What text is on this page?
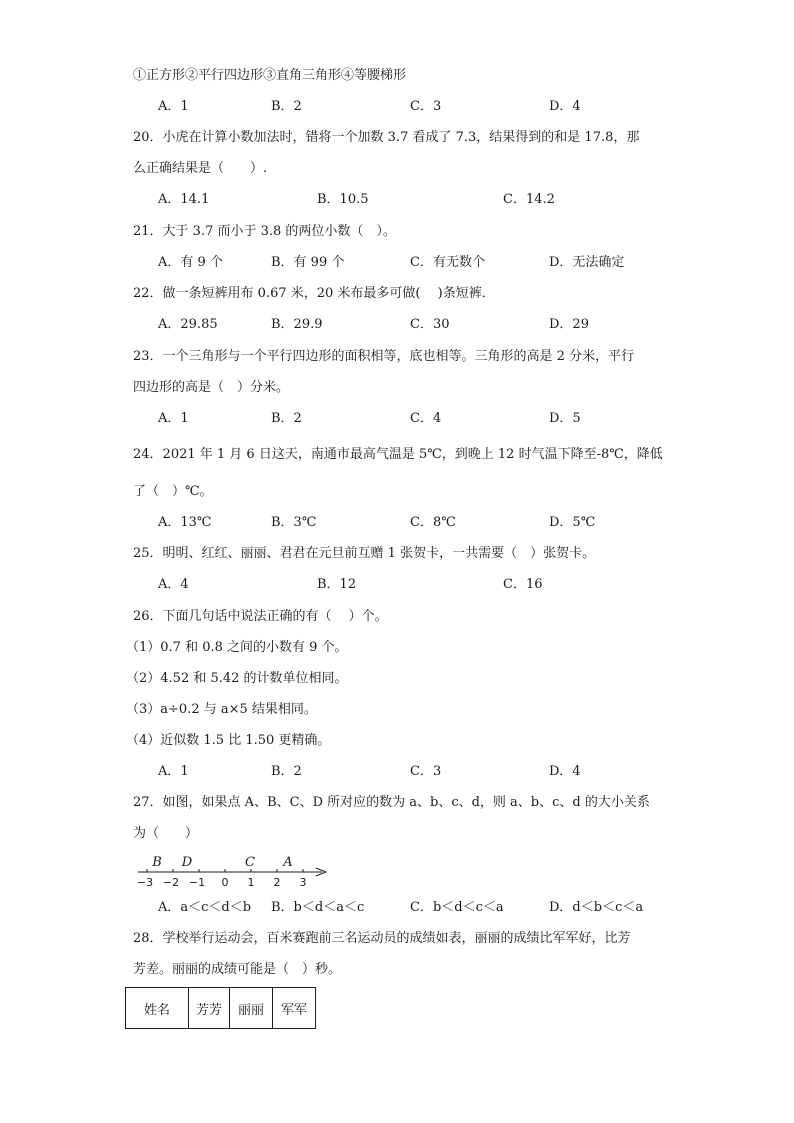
①正方形②平行四边形③直角三角形④等腰梯形
A．1	B．2	C．3	D．4
20．小虎在计算小数加法时，错将一个加数 3.7 看成了 7.3，结果得到的和是 17.8，那
么正确结果是（　　）.
A．14.1	B．10.5	C．14.2
21．大于 3.7 而小于 3.8 的两位小数（　）。
A．有 9 个	B．有 99 个	C．有无数个	D．无法确定
22．做一条短裤用布 0.67 米，20 米布最多可做(　 )条短裤．
A．29.85	B．29.9	C．30	D．29
23．一个三角形与一个平行四边形的面积相等，底也相等。三角形的高是 2 分米，平行
四边形的高是（　）分米。
A．1	B．2	C．4	D．5
24．2021 年 1 月 6 日这天，南通市最高气温是 5℃，到晚上 12 时气温下降至-8℃，降低
了（　）℃。
A．13℃	B．3℃	C．8℃	D．5℃
25．明明、红红、丽丽、君君在元旦前互赠 1 张贺卡，一共需要（　）张贺卡。
A．4	B．12	C．16
26．下面几句话中说法正确的有（　 ）个。
（1）0.7 和 0.8 之间的小数有 9 个。
（2）4.52 和 5.42 的计数单位相同。
（3）a÷0.2 与 a×5 结果相同。
（4）近似数 1.5 比 1.50 更精确。
A．1	B．2	C．3	D．4
27．如图，如果点 A、B、C、D 所对应的数为 a、b、c、d，则 a、b、c、d 的大小关系
为（　　）
B D	C A
−3 −2 −1 0 1 2 3
A．a＜c＜d＜b B．b＜d＜a＜c	C．b＜d＜c＜a	D．d＜b＜c＜a
28．学校举行运动会，百米赛跑前三名运动员的成绩如表，丽丽的成绩比军军好，比芳
芳差。丽丽的成绩可能是（　）秒。
姓名	芳芳	丽丽	军军
